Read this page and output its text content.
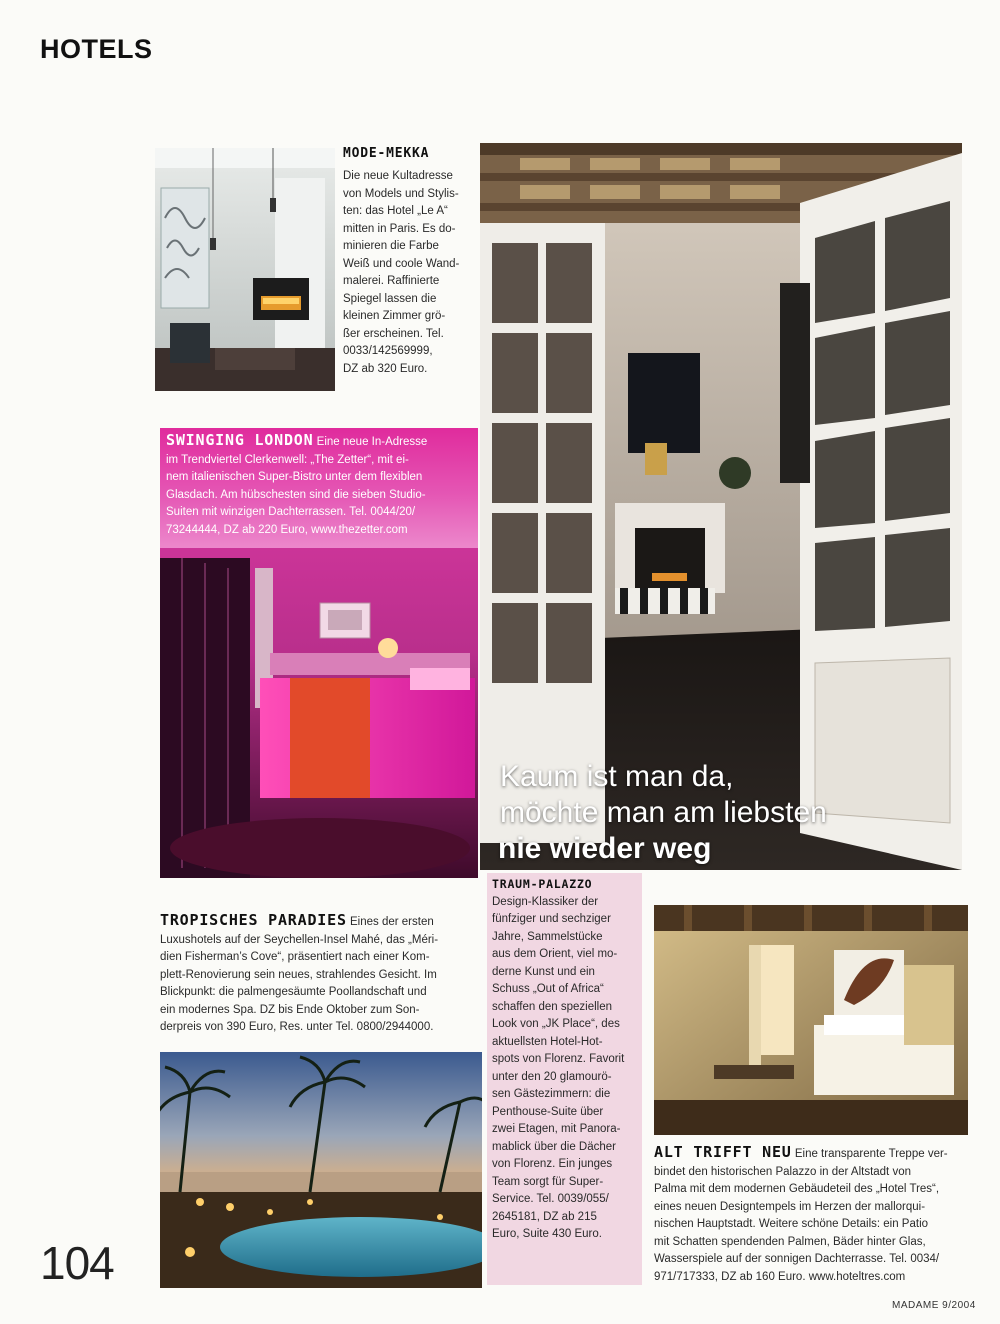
HOTELS
MODE-MEKKA
Die neue Kultadresse
von Models und Stylis-
ten: das Hotel „Le A“
mitten in Paris. Es do-
minieren die Farbe
Weiß und coole Wand-
malerei. Raffinierte
Spiegel lassen die
kleinen Zimmer grö-
ßer erscheinen. Tel.
0033/142569999,
DZ ab 320 Euro.
SWINGING LONDON Eine neue In-Adresse
im Trendviertel Clerkenwell: „The Zetter“, mit ei-
nem italienischen Super-Bistro unter dem flexiblen
Glasdach. Am hübschesten sind die sieben Studio-
Suiten mit winzigen Dachterrassen. Tel. 0044/20/
73244444, DZ ab 220 Euro, www.thezetter.com
Kaum ist man da,
möchte man am liebsten
nie wieder weg
TROPISCHES PARADIES Eines der ersten
Luxushotels auf der Seychellen-Insel Mahé, das „Méri-
dien Fisherman’s Cove“, präsentiert nach einer Kom-
plett-Renovierung sein neues, strahlendes Gesicht. Im
Blickpunkt: die palmengesäumte Poollandschaft und
ein modernes Spa. DZ bis Ende Oktober zum Son-
derpreis von 390 Euro, Res. unter Tel. 0800/2944000.
TRAUM-PALAZZO
Design-Klassiker der
fünfziger und sechziger
Jahre, Sammelstücke
aus dem Orient, viel mo-
derne Kunst und ein
Schuss „Out of Africa“
schaffen den speziellen
Look von „JK Place“, des
aktuellsten Hotel-Hot-
spots von Florenz. Favorit
unter den 20 glamourö-
sen Gästezimmern: die
Penthouse-Suite über
zwei Etagen, mit Panora-
mablick über die Dächer
von Florenz. Ein junges
Team sorgt für Super-
Service. Tel. 0039/055/
2645181, DZ ab 215
Euro, Suite 430 Euro.
ALT TRIFFT NEU Eine transparente Treppe ver-
bindet den historischen Palazzo in der Altstadt von
Palma mit dem modernen Gebäudeteil des „Hotel Tres“,
eines neuen Designtempels im Herzen der mallorqui-
nischen Hauptstadt. Weitere schöne Details: ein Patio
mit Schatten spendenden Palmen, Bäder hinter Glas,
Wasserspiele auf der sonnigen Dachterrasse. Tel. 0034/
971/717333, DZ ab 160 Euro. www.hoteltres.com
104
MADAME 9/2004
